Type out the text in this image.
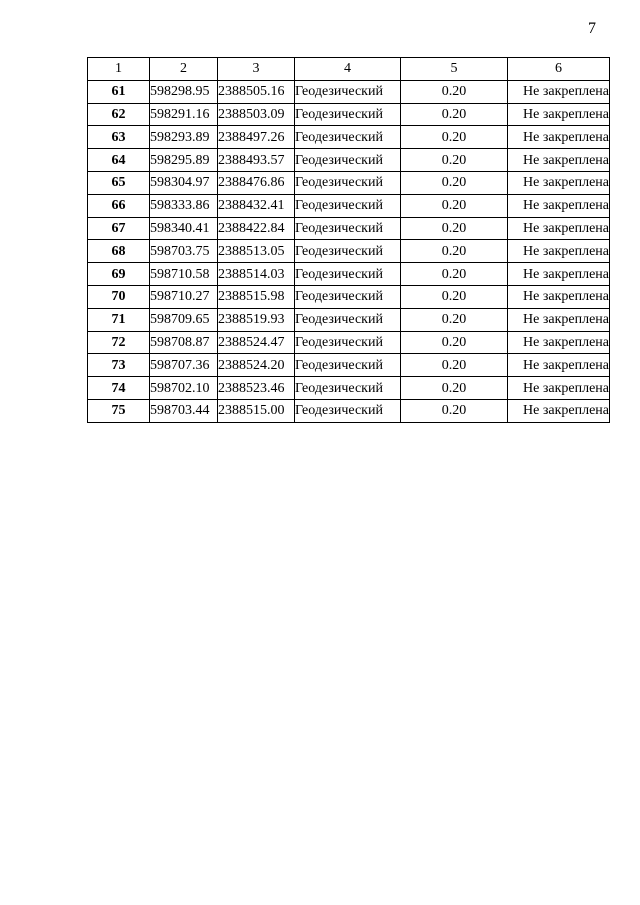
7
1	2	3	4	5	6
61	598298.95	2388505.16	Геодезический	0.20	Не закреплена
62	598291.16	2388503.09	Геодезический	0.20	Не закреплена
63	598293.89	2388497.26	Геодезический	0.20	Не закреплена
64	598295.89	2388493.57	Геодезический	0.20	Не закреплена
65	598304.97	2388476.86	Геодезический	0.20	Не закреплена
66	598333.86	2388432.41	Геодезический	0.20	Не закреплена
67	598340.41	2388422.84	Геодезический	0.20	Не закреплена
68	598703.75	2388513.05	Геодезический	0.20	Не закреплена
69	598710.58	2388514.03	Геодезический	0.20	Не закреплена
70	598710.27	2388515.98	Геодезический	0.20	Не закреплена
71	598709.65	2388519.93	Геодезический	0.20	Не закреплена
72	598708.87	2388524.47	Геодезический	0.20	Не закреплена
73	598707.36	2388524.20	Геодезический	0.20	Не закреплена
74	598702.10	2388523.46	Геодезический	0.20	Не закреплена
75	598703.44	2388515.00	Геодезический	0.20	Не закреплена
